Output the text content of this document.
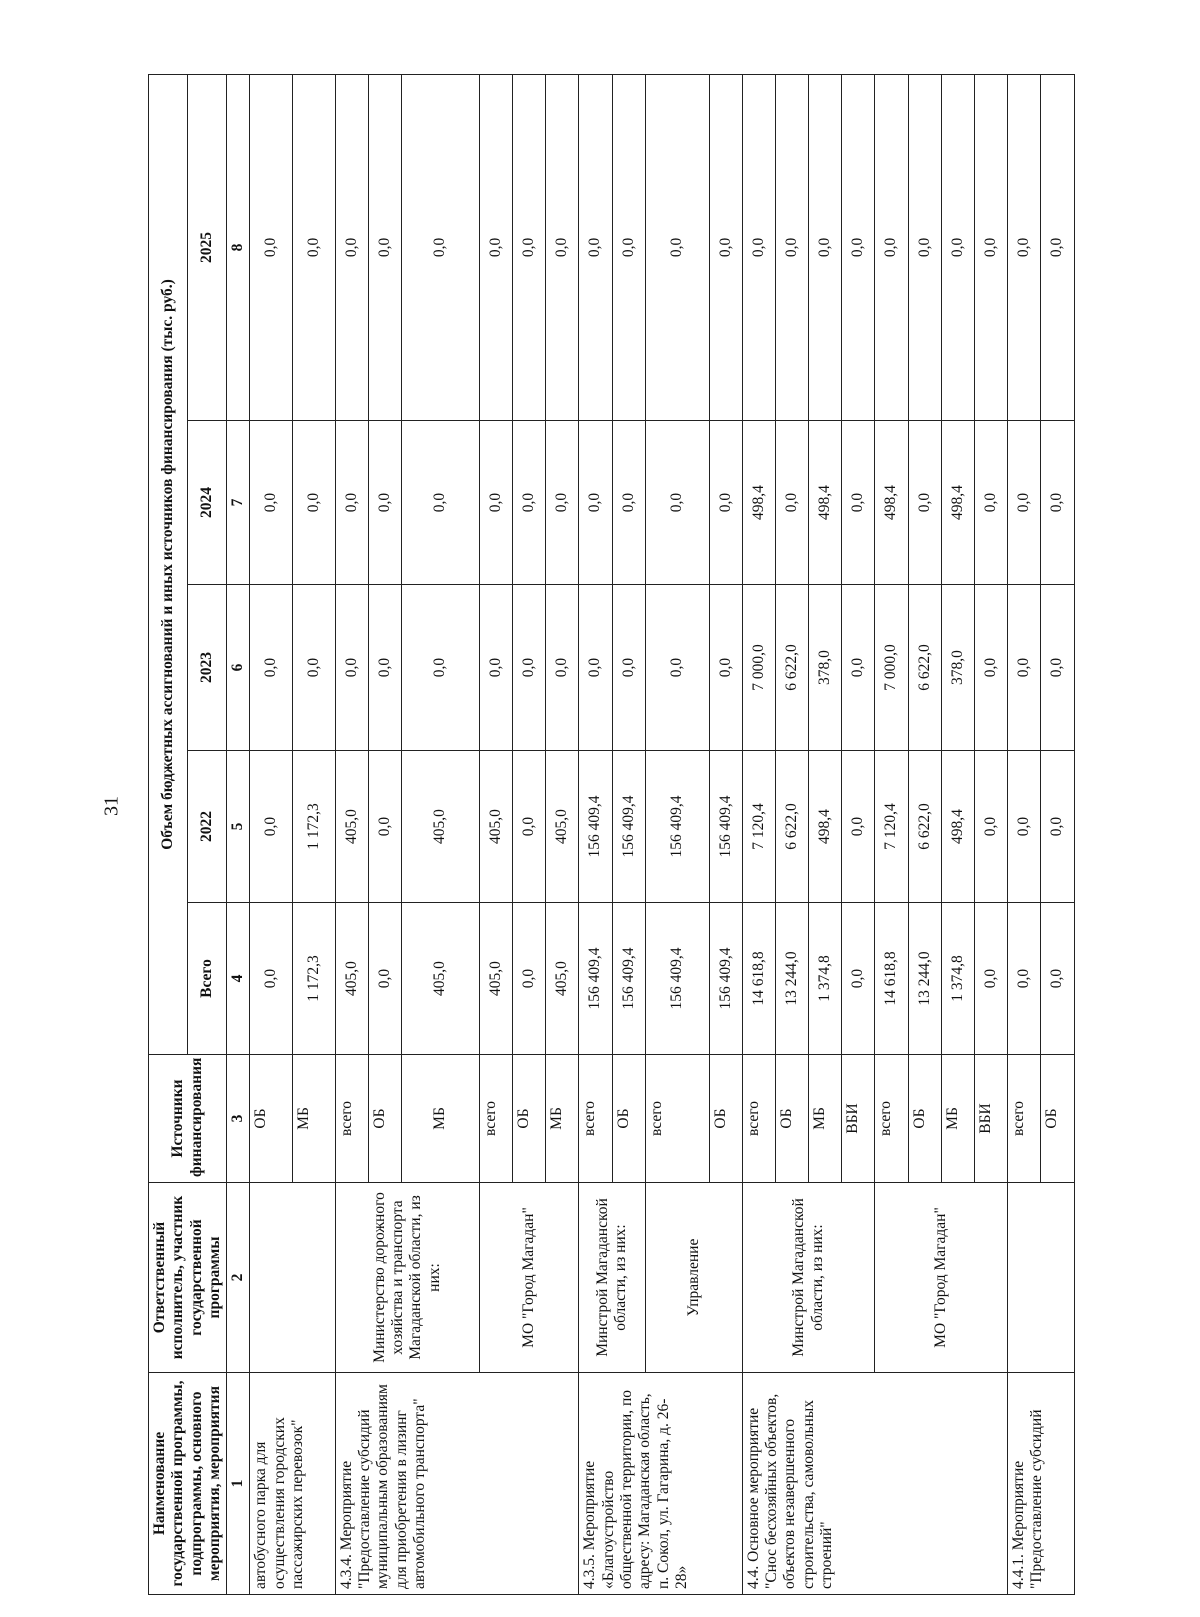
31
Наименование государственной программы, подпрограммы, основного мероприятия, мероприятия	Ответственный исполнитель, участник государственной программы	Источники финансирования	Объем бюджетных ассигнований и иных источников финансирования (тыс. руб.)				
			Всего	2022	2023	2024	2025
1	2	3	4	5	6	7	8
автобусного парка для осуществления городских пассажирских перевозок"		ОБ	0,0	0,0	0,0	0,0	0,0
		МБ	1 172,3	1 172,3	0,0	0,0	0,0
4.3.4. Мероприятие "Предоставление субсидий муниципальным образованиям для приобретения в лизинг автомобильного транспорта"	Министерство дорожного хозяйства и транспорта Магаданской области, из них:	всего	405,0	405,0	0,0	0,0	0,0
		ОБ	0,0	0,0	0,0	0,0	0,0
		МБ	405,0	405,0	0,0	0,0	0,0
	МО "Город Магадан"	всего	405,0	405,0	0,0	0,0	0,0
		ОБ	0,0	0,0	0,0	0,0	0,0
		МБ	405,0	405,0	0,0	0,0	0,0
4.3.5. Мероприятие «Благоустройство общественной территории, по адресу: Магаданская область, п. Сокол, ул. Гагарина, д. 26-28»	Минстрой Магаданской области, из них:	всего	156 409,4	156 409,4	0,0	0,0	0,0
		ОБ	156 409,4	156 409,4	0,0	0,0	0,0
	Управление	всего	156 409,4	156 409,4	0,0	0,0	0,0
		ОБ	156 409,4	156 409,4	0,0	0,0	0,0
4.4. Основное мероприятие "Снос бесхозяйных объектов, объектов незавершенного строительства, самовольных строений"	Минстрой Магаданской области, из них:	всего	14 618,8	7 120,4	7 000,0	498,4	0,0
		ОБ	13 244,0	6 622,0	6 622,0	0,0	0,0
		МБ	1 374,8	498,4	378,0	498,4	0,0
		ВБИ	0,0	0,0	0,0	0,0	0,0
	МО "Город Магадан"	всего	14 618,8	7 120,4	7 000,0	498,4	0,0
		ОБ	13 244,0	6 622,0	6 622,0	0,0	0,0
		МБ	1 374,8	498,4	378,0	498,4	0,0
		ВБИ	0,0	0,0	0,0	0,0	0,0
4.4.1. Мероприятие "Предоставление субсидий		всего	0,0	0,0	0,0	0,0	0,0
		ОБ	0,0	0,0	0,0	0,0	0,0
